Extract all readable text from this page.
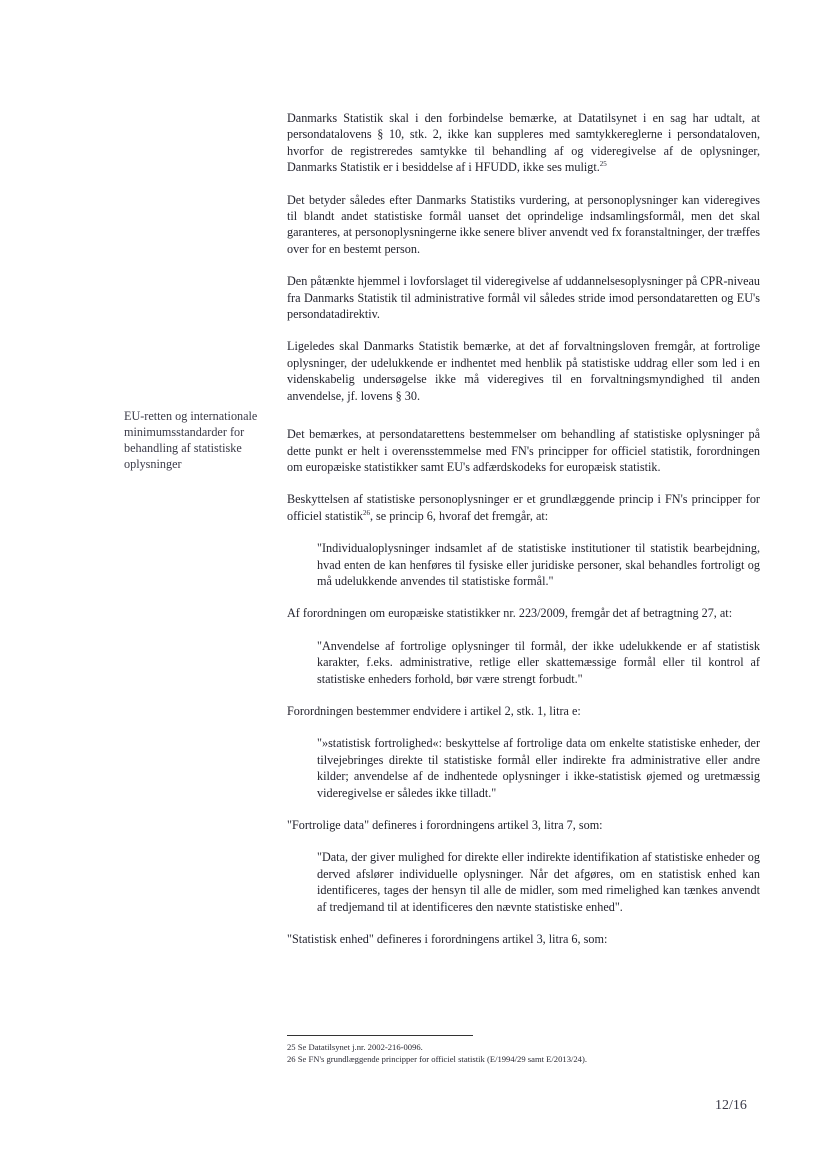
EU-retten og internationale minimumsstandarder for behandling af statistiske oplysninger

Danmarks Statistik skal i den forbindelse bemærke, at Datatilsynet i en sag har udtalt, at persondatalovens § 10, stk. 2, ikke kan suppleres med samtykkereglerne i persondataloven, hvorfor de registreredes samtykke til behandling af og videregivelse af de oplysninger, Danmarks Statistik er i besiddelse af i HFUDD, ikke ses muligt.$^{25}$

Det betyder således efter Danmarks Statistiks vurdering, at personoplysninger kan videregives til blandt andet statistiske formål uanset det oprindelige indsamlingsformål, men det skal garanteres, at personoplysningerne ikke senere bliver anvendt ved fx foranstaltninger, der træffes over for en bestemt person.

Den påtænkte hjemmel i lovforslaget til videregivelse af uddannelsesoplysninger på CPR-niveau fra Danmarks Statistik til administrative formål vil således stride imod persondataretten og EU's persondatadirektiv.

Ligeledes skal Danmarks Statistik bemærke, at det af forvaltningsloven fremgår, at fortrolige oplysninger, der udelukkende er indhentet med henblik på statistiske uddrag eller som led i en videnskabelig undersøgelse ikke må videregives til en forvaltningsmyndighed til anden anvendelse, jf. lovens § 30.

Det bemærkes, at persondatarettens bestemmelser om behandling af statistiske oplysninger på dette punkt er helt i overensstemmelse med FN's principper for officiel statistik, forordningen om europæiske statistikker samt EU's adfærdskodeks for europæisk statistik.

Beskyttelsen af statistiske personoplysninger er et grundlæggende princip i FN's principper for officiel statistik$^{26}$, se princip 6, hvoraf det fremgår, at:

"Individualoplysninger indsamlet af de statistiske institutioner til statistik bearbejdning, hvad enten de kan henføres til fysiske eller juridiske personer, skal behandles fortroligt og må udelukkende anvendes til statistiske formål."

Af forordningen om europæiske statistikker nr. 223/2009, fremgår det af betragtning 27, at:

"Anvendelse af fortrolige oplysninger til formål, der ikke udelukkende er af statistisk karakter, f.eks. administrative, retlige eller skattemæssige formål eller til kontrol af statistiske enheders forhold, bør være strengt forbudt."

Forordningen bestemmer endvidere i artikel 2, stk. 1, litra e:

"»statistisk fortrolighed«: beskyttelse af fortrolige data om enkelte statistiske enheder, der tilvejebringes direkte til statistiske formål eller indirekte fra administrative eller andre kilder; anvendelse af de indhentede oplysninger i ikke-statistisk øjemed og uretmæssig videregivelse er således ikke tilladt."

"Fortrolige data" defineres i forordningens artikel 3, litra 7, som:

"Data, der giver mulighed for direkte eller indirekte identifikation af statistiske enheder og derved afslører individuelle oplysninger. Når det afgøres, om en statistisk enhed kan identificeres, tages der hensyn til alle de midler, som med rimelighed kan tænkes anvendt af tredjemand til at identificeres den nævnte statistiske enhed".

"Statistisk enhed" defineres i forordningens artikel 3, litra 6, som:

25 Se Datatilsynet j.nr. 2002-216-0096.

26 Se FN's grundlæggende principper for officiel statistik (E/1994/29 samt E/2013/24).

12/16
